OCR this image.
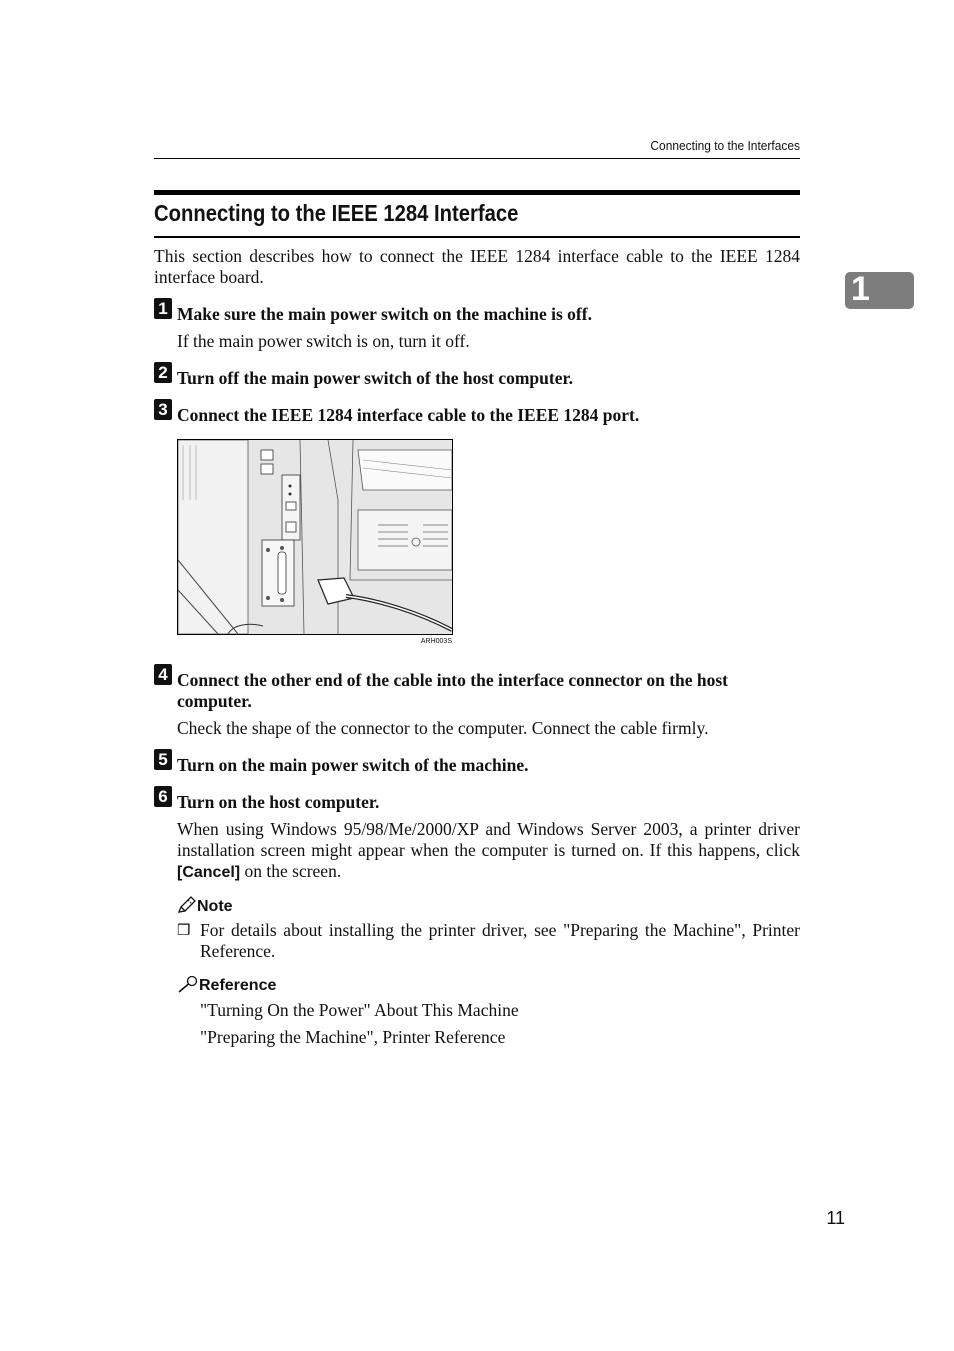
Connecting to the Interfaces
Connecting to the IEEE 1284 Interface
1

This section describes how to connect the IEEE 1284 interface cable to the IEEE 1284 interface board.

1 Make sure the main power switch on the machine is off.

If the main power switch is on, turn it off.

2 Turn off the main power switch of the host computer.

3 Connect the IEEE 1284 interface cable to the IEEE 1284 port.

ARH003S
4 Connect the other end of the cable into the interface connector on the host computer.

Check the shape of the connector to the computer. Connect the cable firmly.

5 Turn on the main power switch of the machine.

6 Turn on the host computer.

When using Windows 95/98/Me/2000/XP and Windows Server 2003, a printer driver installation screen might appear when the computer is turned on. If this happens, click [Cancel] on the screen.

Note
❒ For details about installing the printer driver, see "Preparing the Machine", Printer Reference.

Reference

"Turning On the Power" About This Machine

"Preparing the Machine", Printer Reference

11
